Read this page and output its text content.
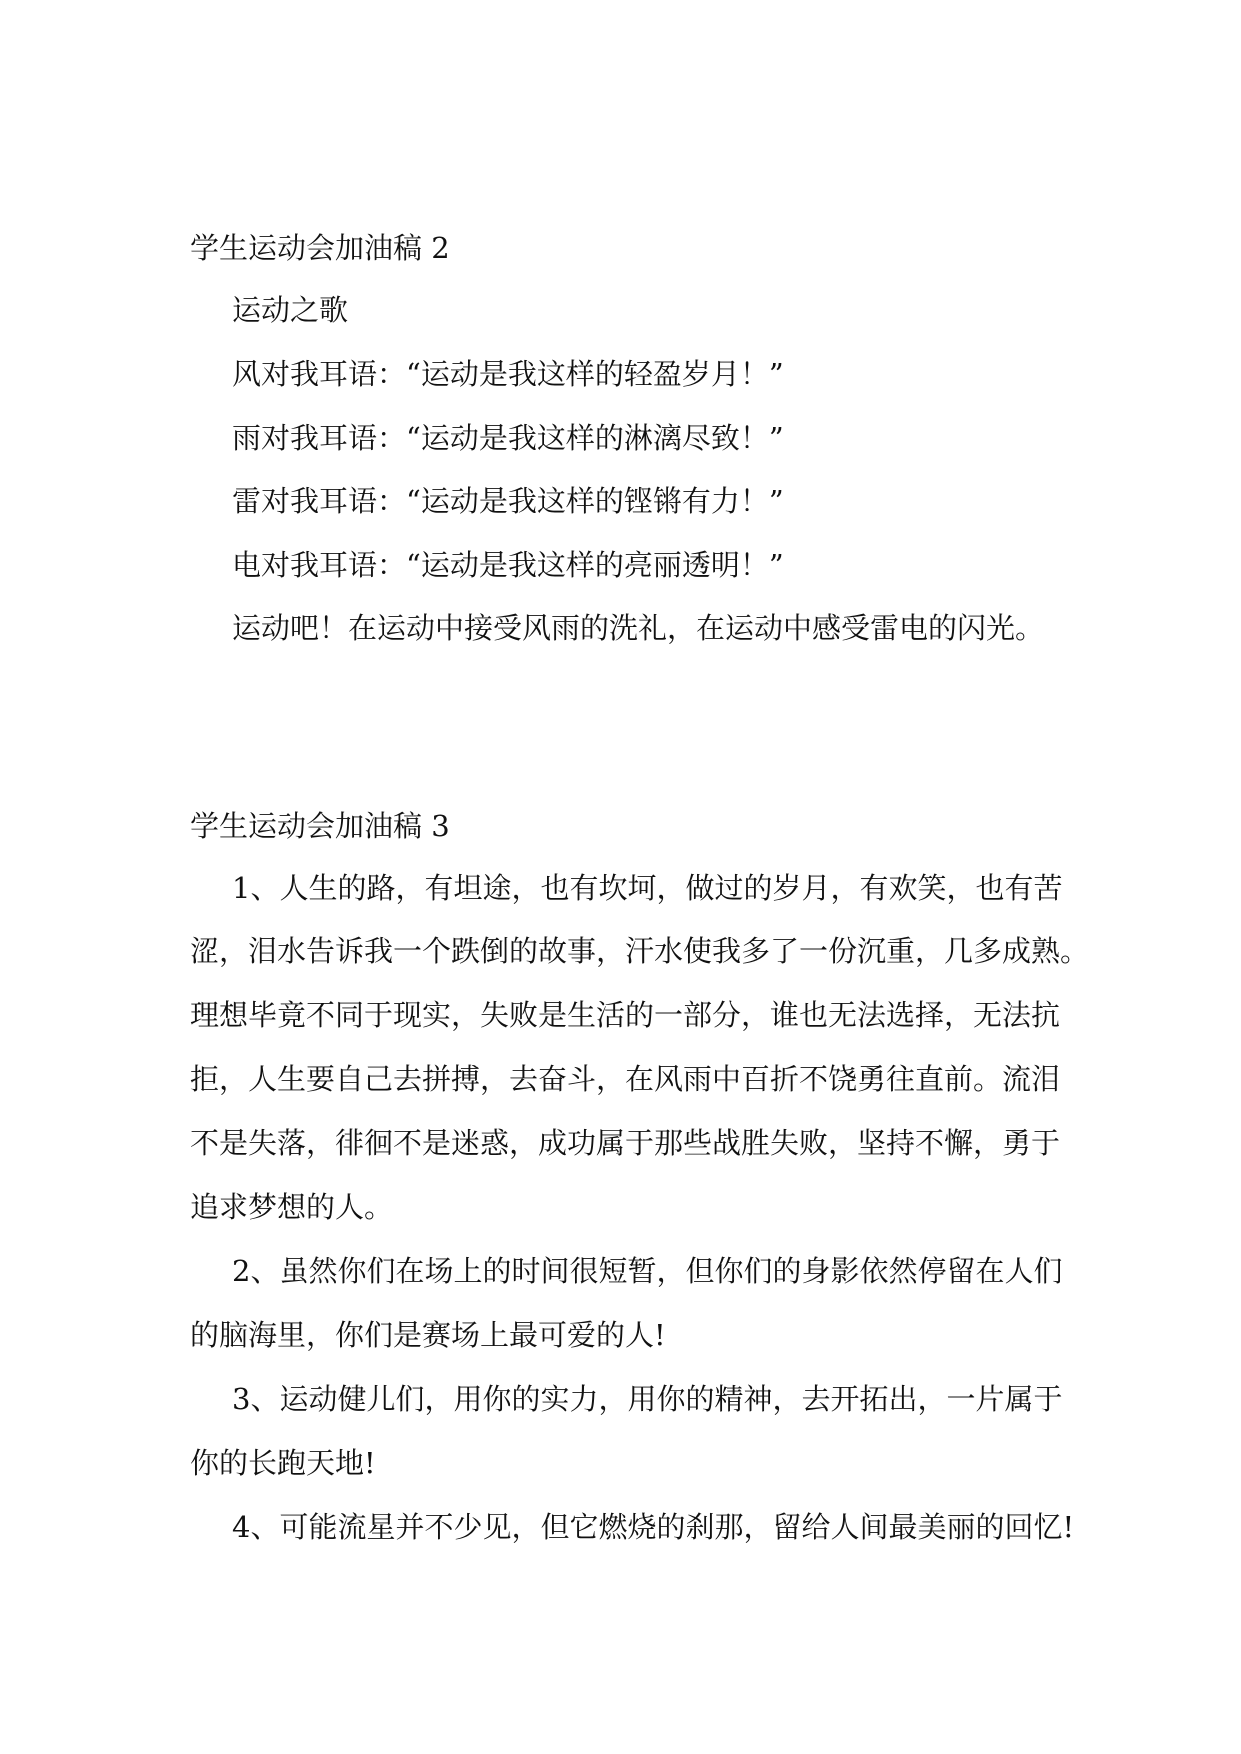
学生运动会加油稿 2
运动之歌
风对我耳语：“运动是我这样的轻盈岁月！”
雨对我耳语：“运动是我这样的淋漓尽致！”
雷对我耳语：“运动是我这样的铿锵有力！”
电对我耳语：“运动是我这样的亮丽透明！”
运动吧！在运动中接受风雨的洗礼，在运动中感受雷电的闪光。
学生运动会加油稿 3
1、人生的路，有坦途，也有坎坷，做过的岁月，有欢笑，也有苦
涩，泪水告诉我一个跌倒的故事，汗水使我多了一份沉重，几多成熟。
理想毕竟不同于现实，失败是生活的一部分，谁也无法选择，无法抗
拒，人生要自己去拼搏，去奋斗，在风雨中百折不饶勇往直前。流泪
不是失落，徘徊不是迷惑，成功属于那些战胜失败，坚持不懈，勇于
追求梦想的人。
2、虽然你们在场上的时间很短暂，但你们的身影依然停留在人们
的脑海里，你们是赛场上最可爱的人!
3、运动健儿们，用你的实力，用你的精神，去开拓出，一片属于
你的长跑天地!
4、可能流星并不少见，但它燃烧的刹那，留给人间最美丽的回忆!
